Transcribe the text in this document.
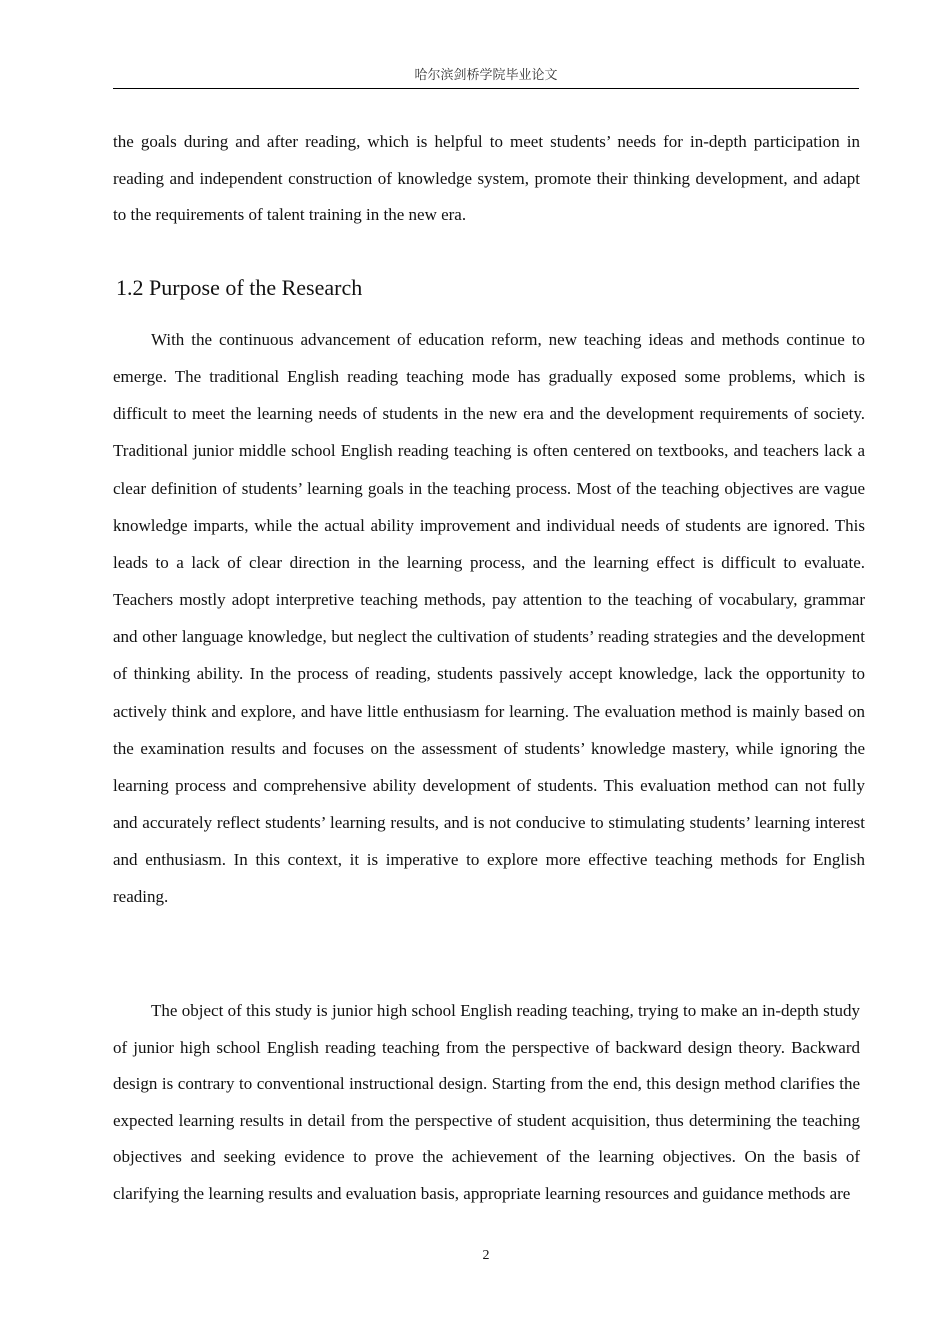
哈尔滨剑桥学院毕业论文

the goals during and after reading, which is helpful to meet students’ needs for in-depth participation in reading and independent construction of knowledge system, promote their thinking development, and adapt to the requirements of talent training in the new era.

1.2 Purpose of the Research

With the continuous advancement of education reform, new teaching ideas and methods continue to emerge. The traditional English reading teaching mode has gradually exposed some problems, which is difficult to meet the learning needs of students in the new era and the development requirements of society. Traditional junior middle school English reading teaching is often centered on textbooks, and teachers lack a clear definition of students’ learning goals in the teaching process. Most of the teaching objectives are vague knowledge imparts, while the actual ability improvement and individual needs of students are ignored. This leads to a lack of clear direction in the learning process, and the learning effect is difficult to evaluate. Teachers mostly adopt interpretive teaching methods, pay attention to the teaching of vocabulary, grammar and other language knowledge, but neglect the cultivation of students’ reading strategies and the development of thinking ability. In the process of reading, students passively accept knowledge, lack the opportunity to actively think and explore, and have little enthusiasm for learning. The evaluation method is mainly based on the examination results and focuses on the assessment of students’ knowledge mastery, while ignoring the learning process and comprehensive ability development of students. This evaluation method can not fully and accurately reflect students’ learning results, and is not conducive to stimulating students’ learning interest and enthusiasm. In this context, it is imperative to explore more effective teaching methods for English reading.

The object of this study is junior high school English reading teaching, trying to make an in-depth study of junior high school English reading teaching from the perspective of backward design theory. Backward design is contrary to conventional instructional design. Starting from the end, this design method clarifies the expected learning results in detail from the perspective of student acquisition, thus determining the teaching objectives and seeking evidence to prove the achievement of the learning objectives. On the basis of clarifying the learning results and evaluation basis, appropriate learning resources and guidance methods are

2
